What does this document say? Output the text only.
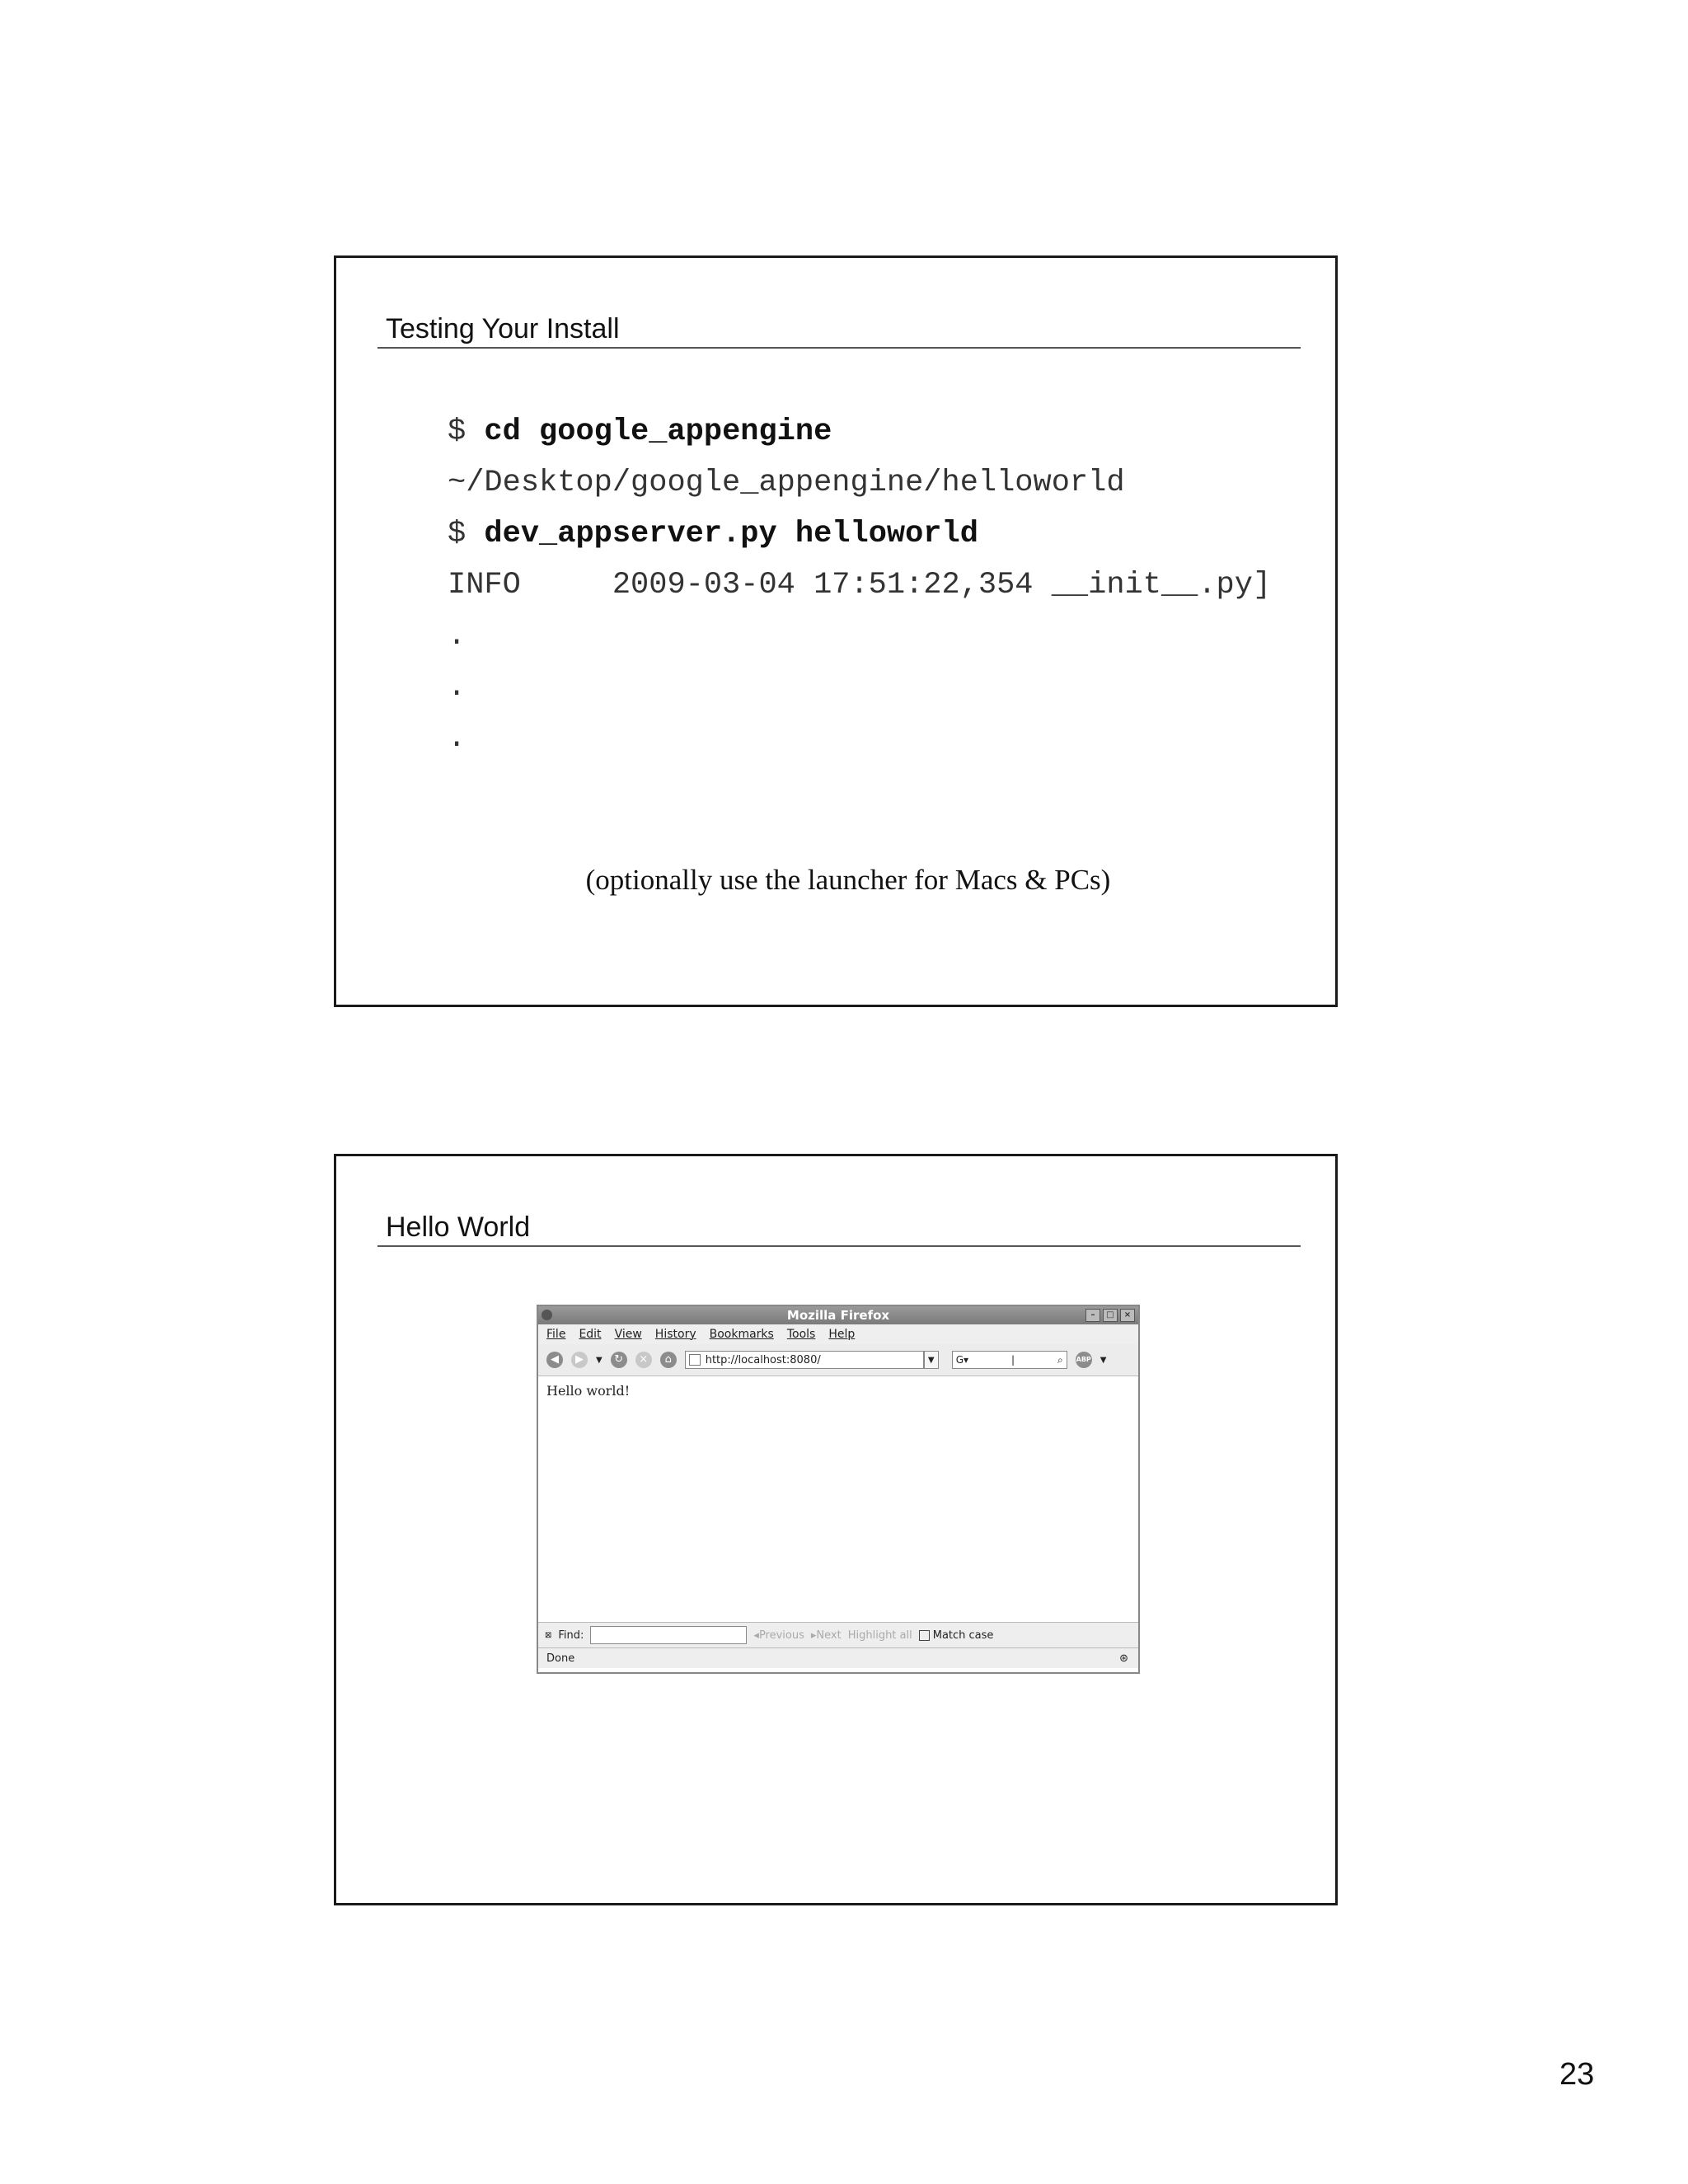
Testing Your Install
$ cd google_appengine
~/Desktop/google_appengine/helloworld
$ dev_appserver.py helloworld
INFO     2009-03-04 17:51:22,354 __init__.py]
.
.
.
(optionally use the launcher for Macs & PCs)
Hello World
Mozilla Firefox	–	□	×
File Edit View History Bookmarks Tools Help
◀	▶	▼	↻	×	⌂	http://localhost:8080/	▼	G▾	|	⌕ ABP ▼
Hello world!
⊠ Find:	◂Previous ▸Next Highlight all	Match case
Done	⊛
23
